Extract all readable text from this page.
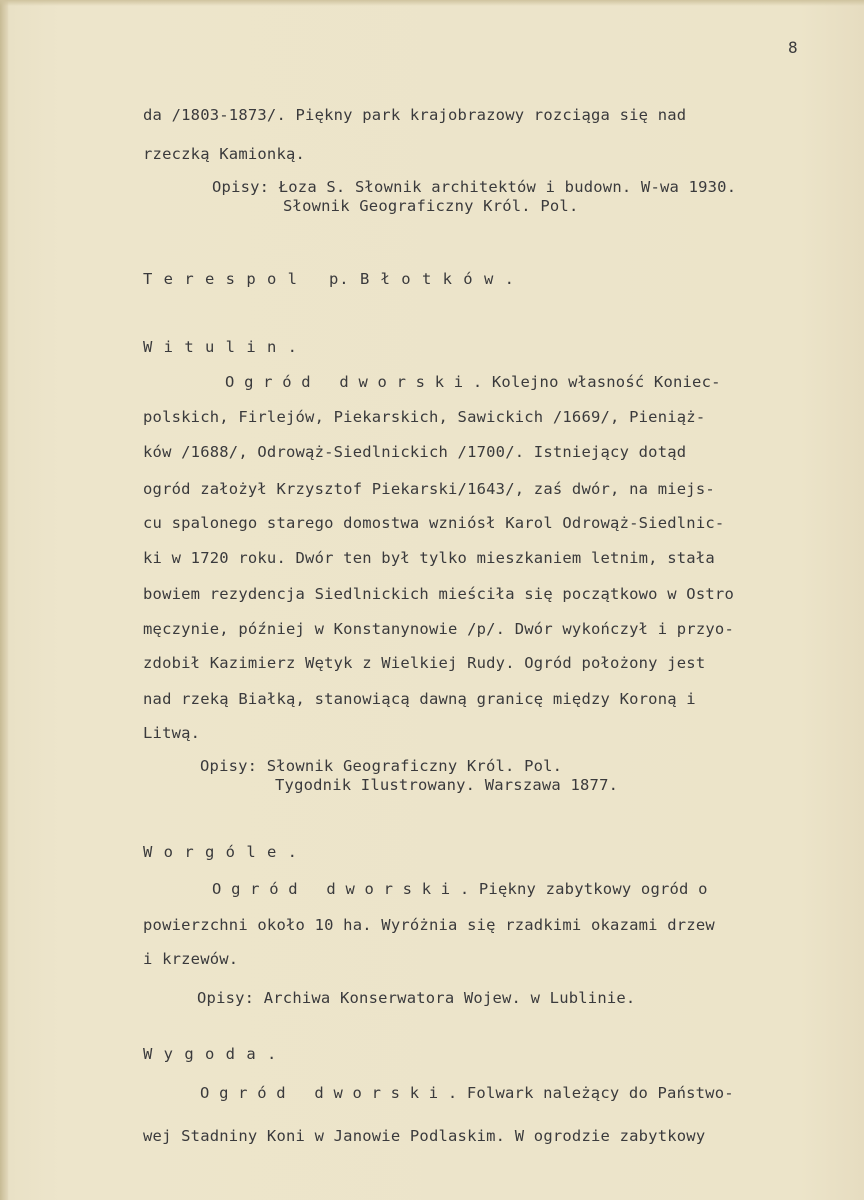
8
da /1803-1873/. Piękny park krajobrazowy rozciąga się nad
rzeczką Kamionką.
Opisy: Łoza S. Słownik architektów i budown. W-wa 1930.
Słownik Geograficzny Król. Pol.
T e r e s p o l   p. B ł o t k ó w .
W i t u l i n .
O g r ó d   d w o r s k i . Kolejno własność Koniec-
polskich, Firlejów, Piekarskich, Sawickich /1669/, Pieniąż-
ków /1688/, Odrowąż-Siedlnickich /1700/. Istniejący dotąd
ogród założył Krzysztof Piekarski/1643/, zaś dwór, na miejs-
cu spalonego starego domostwa wzniósł Karol Odrowąż-Siedlnic-
ki w 1720 roku. Dwór ten był tylko mieszkaniem letnim, stała
bowiem rezydencja Siedlnickich mieściła się początkowo w Ostro
męczynie, później w Konstanynowie /p/. Dwór wykończył i przyo-
zdobił Kazimierz Wętyk z Wielkiej Rudy. Ogród położony jest
nad rzeką Białką, stanowiącą dawną granicę między Koroną i
Litwą.
Opisy: Słownik Geograficzny Król. Pol.
Tygodnik Ilustrowany. Warszawa 1877.
W o r g ó l e .
O g r ó d   d w o r s k i . Piękny zabytkowy ogród o
powierzchni około 10 ha. Wyróżnia się rzadkimi okazami drzew
i krzewów.
Opisy: Archiwa Konserwatora Wojew. w Lublinie.
W y g o d a .
O g r ó d   d w o r s k i . Folwark należący do Państwo-
wej Stadniny Koni w Janowie Podlaskim. W ogrodzie zabytkowy
